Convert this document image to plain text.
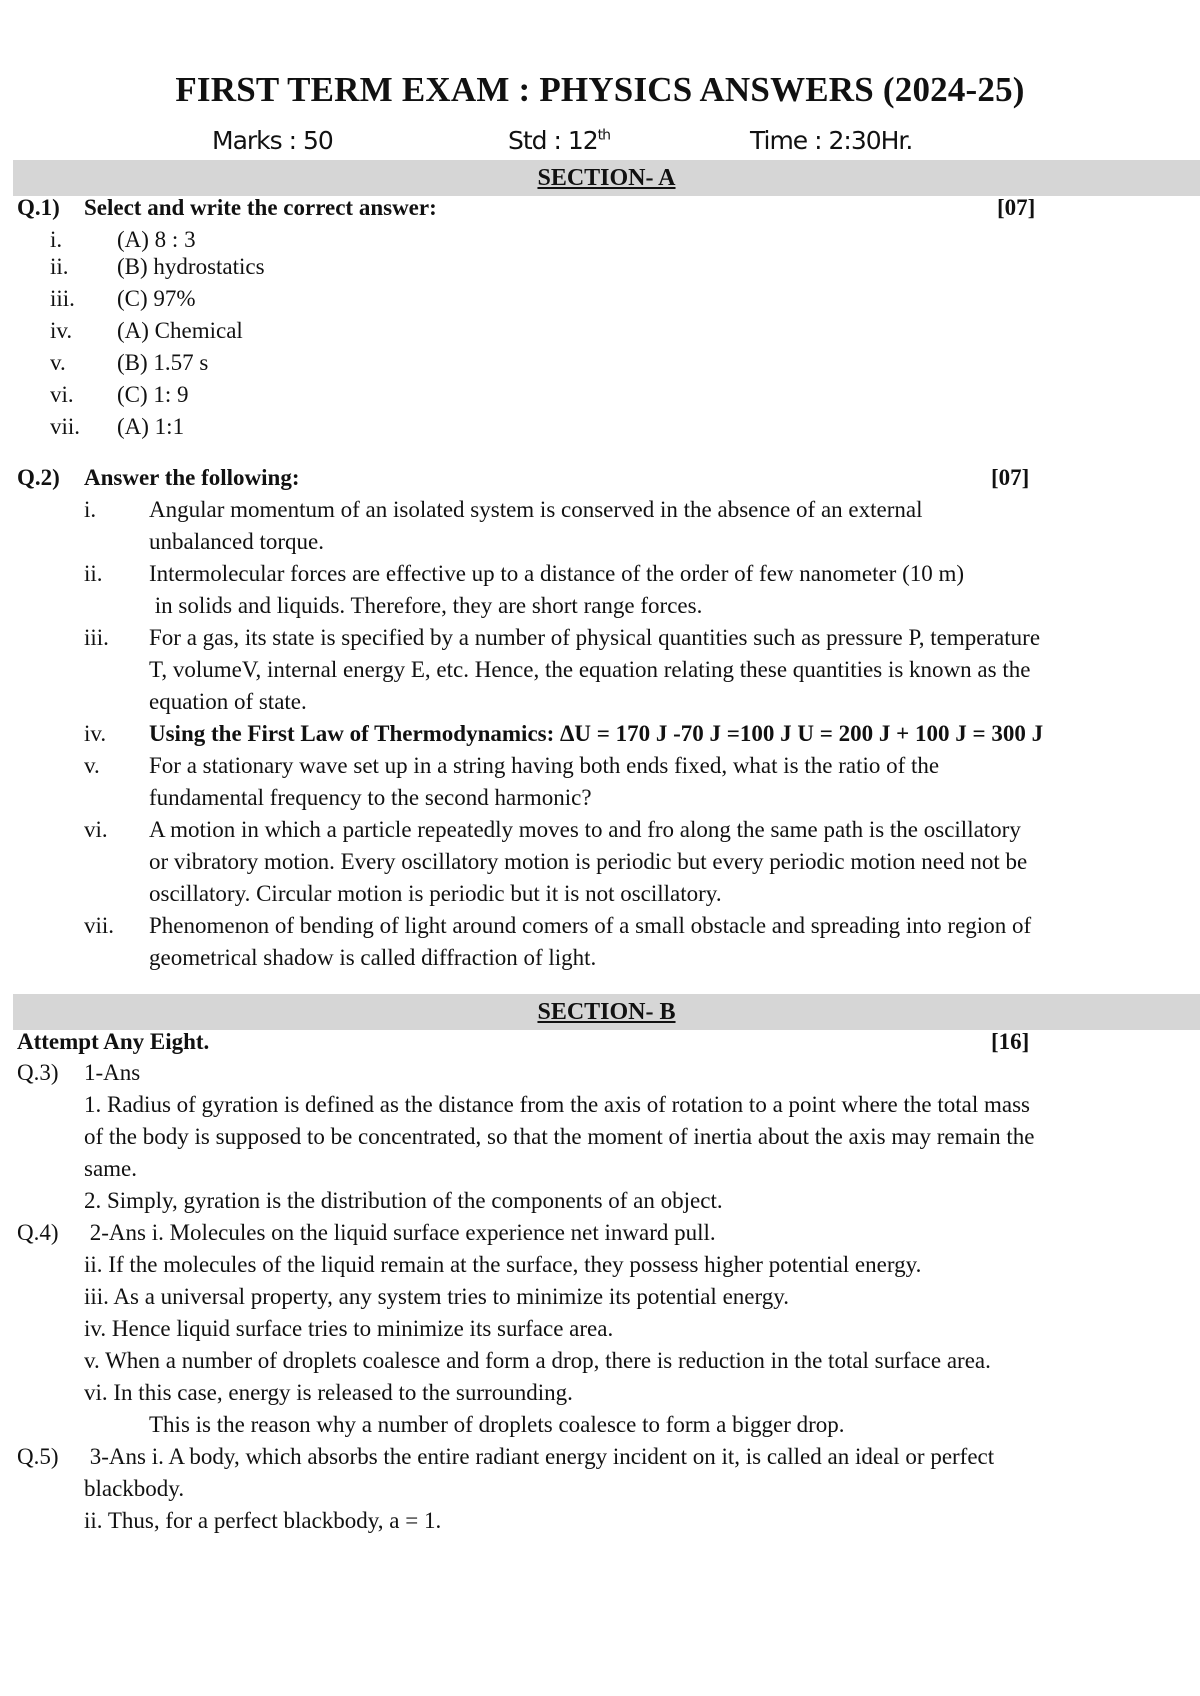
FIRST TERM EXAM : PHYSICS ANSWERS (2024-25)
Marks : 50	Std : 12th	Time : 2:30Hr.
SECTION- A
Q.1) Select and write the correct answer:	[07]
i. (A) 8 : 3
ii. (B) hydrostatics
iii. (C) 97%
iv. (A) Chemical
v. (B) 1.57 s
vi. (C) 1: 9
vii. (A) 1:1
Q.2) Answer the following:	[07]
i. Angular momentum of an isolated system is conserved in the absence of an external
unbalanced torque.
ii. Intermolecular forces are effective up to a distance of the order of few nanometer (10 m)
in solids and liquids. Therefore, they are short range forces.
iii. For a gas, its state is specified by a number of physical quantities such as pressure P, temperature
T, volumeV, internal energy E, etc. Hence, the equation relating these quantities is known as the
equation of state.
iv. Using the First Law of Thermodynamics: ΔU = 170 J -70 J =100 J U = 200 J + 100 J = 300 J
v. For a stationary wave set up in a string having both ends fixed, what is the ratio of the
fundamental frequency to the second harmonic?
vi. A motion in which a particle repeatedly moves to and fro along the same path is the oscillatory
or vibratory motion. Every oscillatory motion is periodic but every periodic motion need not be
oscillatory. Circular motion is periodic but it is not oscillatory.
vii. Phenomenon of bending of light around comers of a small obstacle and spreading into region of
geometrical shadow is called diffraction of light.
SECTION- B
Attempt Any Eight.	[16]
Q.3) 1-Ans
1. Radius of gyration is defined as the distance from the axis of rotation to a point where the total mass
of the body is supposed to be concentrated, so that the moment of inertia about the axis may remain the
same.
2. Simply, gyration is the distribution of the components of an object.
Q.4) 2-Ans i. Molecules on the liquid surface experience net inward pull.
ii. If the molecules of the liquid remain at the surface, they possess higher potential energy.
iii. As a universal property, any system tries to minimize its potential energy.
iv. Hence liquid surface tries to minimize its surface area.
v. When a number of droplets coalesce and form a drop, there is reduction in the total surface area.
vi. In this case, energy is released to the surrounding.
This is the reason why a number of droplets coalesce to form a bigger drop.
Q.5) 3-Ans i. A body, which absorbs the entire radiant energy incident on it, is called an ideal or perfect
blackbody.
ii. Thus, for a perfect blackbody, a = 1.
